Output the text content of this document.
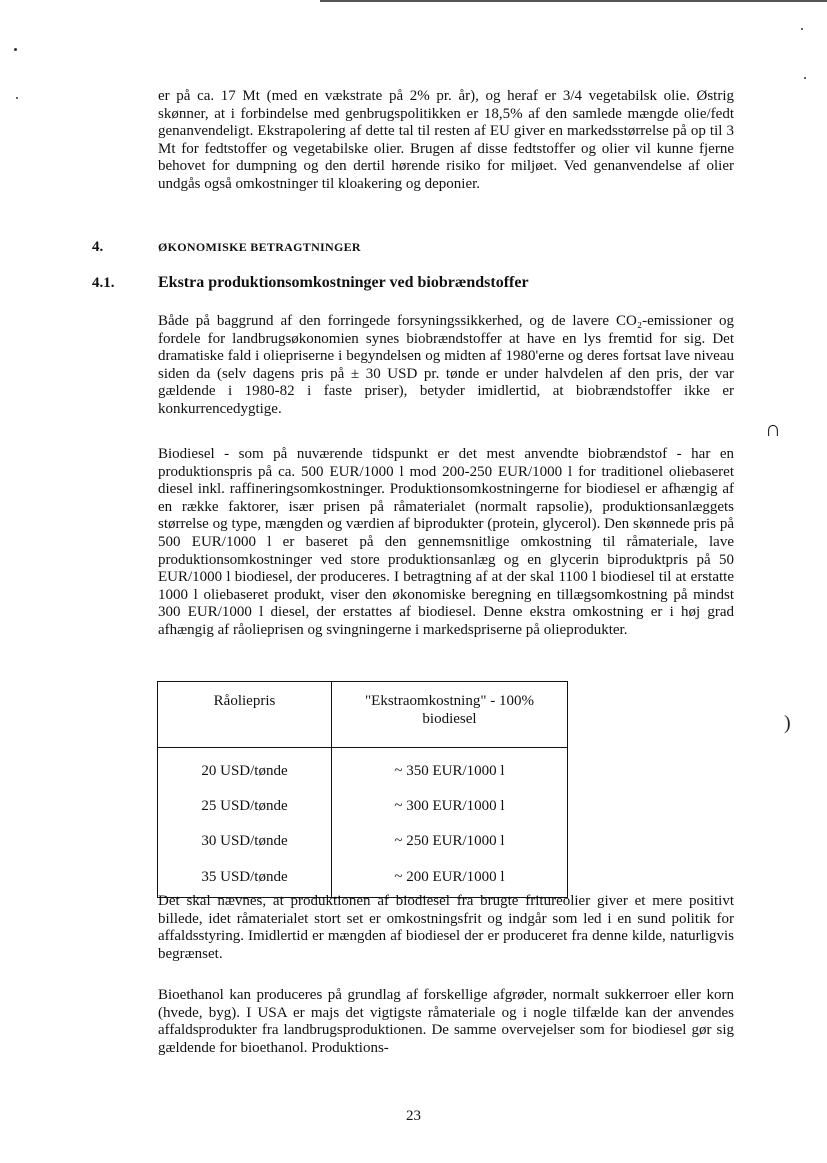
∩
)

er på ca. 17 Mt (med en vækstrate på 2% pr. år), og heraf er 3/4 vegetabilsk olie. Østrig skønner, at i forbindelse med genbrugspolitikken er 18,5% af den samlede mængde olie/fedt genanvendeligt. Ekstrapolering af dette tal til resten af EU giver en markedsstørrelse på op til 3 Mt for fedtstoffer og vegetabilske olier. Brugen af disse fedtstoffer og olier vil kunne fjerne behovet for dumpning og den dertil hørende risiko for miljøet. Ved genanvendelse af olier undgås også omkostninger til kloakering og deponier.

4.	ØKONOMISKE BETRAGTNINGER
4.1.	Ekstra produktionsomkostninger ved biobrændstoffer

Både på baggrund af den forringede forsyningssikkerhed, og de lavere CO₂-emissioner og fordele for landbrugsøkonomien synes biobrændstoffer at have en lys fremtid for sig. Det dramatiske fald i oliepriserne i begyndelsen og midten af 1980'erne og deres fortsat lave niveau siden da (selv dagens pris på ± 30 USD pr. tønde er under halvdelen af den pris, der var gældende i 1980-82 i faste priser), betyder imidlertid, at biobrændstoffer ikke er konkurrencedygtige.

Biodiesel - som på nuværende tidspunkt er det mest anvendte biobrændstof - har en produktionspris på ca. 500 EUR/1000 l mod 200-250 EUR/1000 l for traditionel oliebaseret diesel inkl. raffineringsomkostninger. Produktionsomkostningerne for biodiesel er afhængig af en række faktorer, især prisen på råmaterialet (normalt rapsolie), produktionsanlæggets størrelse og type, mængden og værdien af biprodukter (protein, glycerol). Den skønnede pris på 500 EUR/1000 l er baseret på den gennemsnitlige omkostning til råmateriale, lave produktionsomkostninger ved store produktionsanlæg og en glycerin biproduktpris på 50 EUR/1000 l biodiesel, der produceres. I betragtning af at der skal 1100 l biodiesel til at erstatte 1000 l oliebaseret produkt, viser den økonomiske beregning en tillægsomkostning på mindst 300 EUR/1000 l diesel, der erstattes af biodiesel. Denne ekstra omkostning er i høj grad afhængig af råolieprisen og svingningerne i markedspriserne på olieprodukter.

Råoliepris	"Ekstraomkostning" - 100%
biodiesel
20 USD/tønde	~ 350 EUR/1000 l
25 USD/tønde	~ 300 EUR/1000 l
30 USD/tønde	~ 250 EUR/1000 l
35 USD/tønde	~ 200 EUR/1000 l

Det skal nævnes, at produktionen af biodiesel fra brugte fritureolier giver et mere positivt billede, idet råmaterialet stort set er omkostningsfrit og indgår som led i en sund politik for affaldsstyring. Imidlertid er mængden af biodiesel der er produceret fra denne kilde, naturligvis begrænset.

Bioethanol kan produceres på grundlag af forskellige afgrøder, normalt sukkerroer eller korn (hvede, byg). I USA er majs det vigtigste råmateriale og i nogle tilfælde kan der anvendes affaldsprodukter fra landbrugsproduktionen. De samme overvejelser som for biodiesel gør sig gældende for bioethanol. Produktions-

23
